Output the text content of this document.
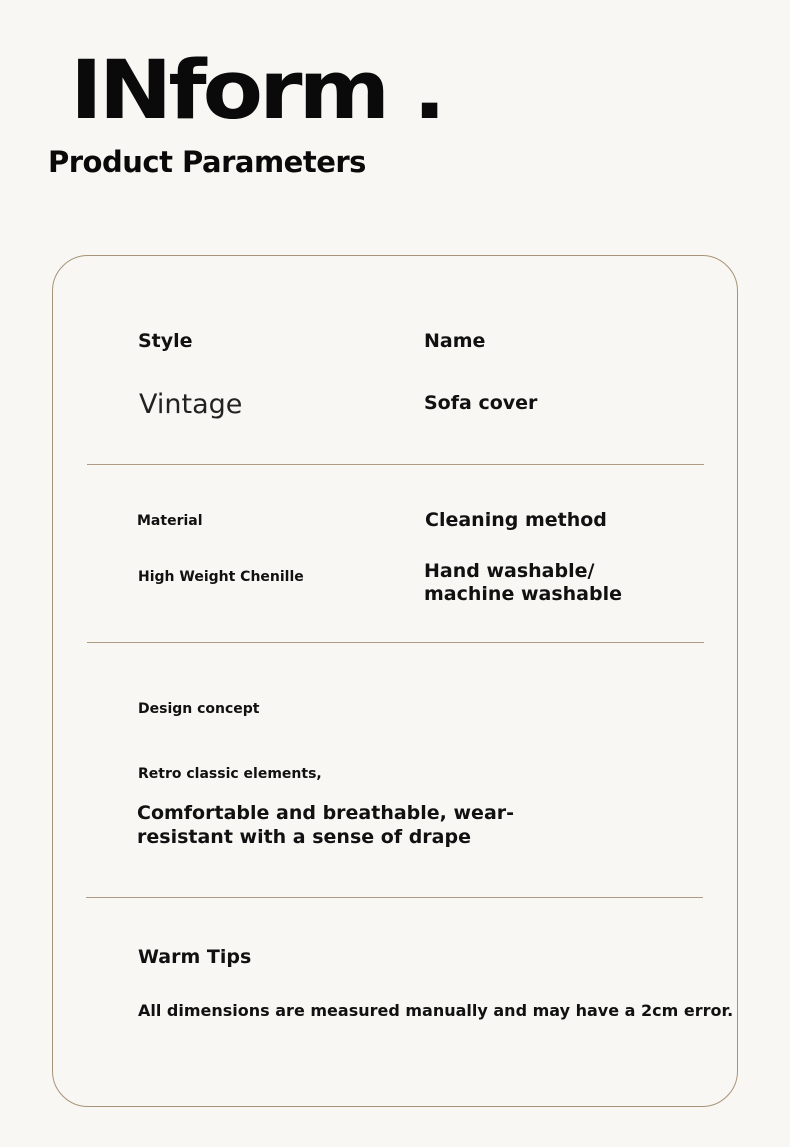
INform .
Product Parameters
Style	Name
Vintage	Sofa cover
Material	Cleaning method
High Weight Chenille	Hand washable/
machine washable
Design concept
Retro classic elements,
Comfortable and breathable, wear-
resistant with a sense of drape
Warm Tips
All dimensions are measured manually and may have a 2cm error.
